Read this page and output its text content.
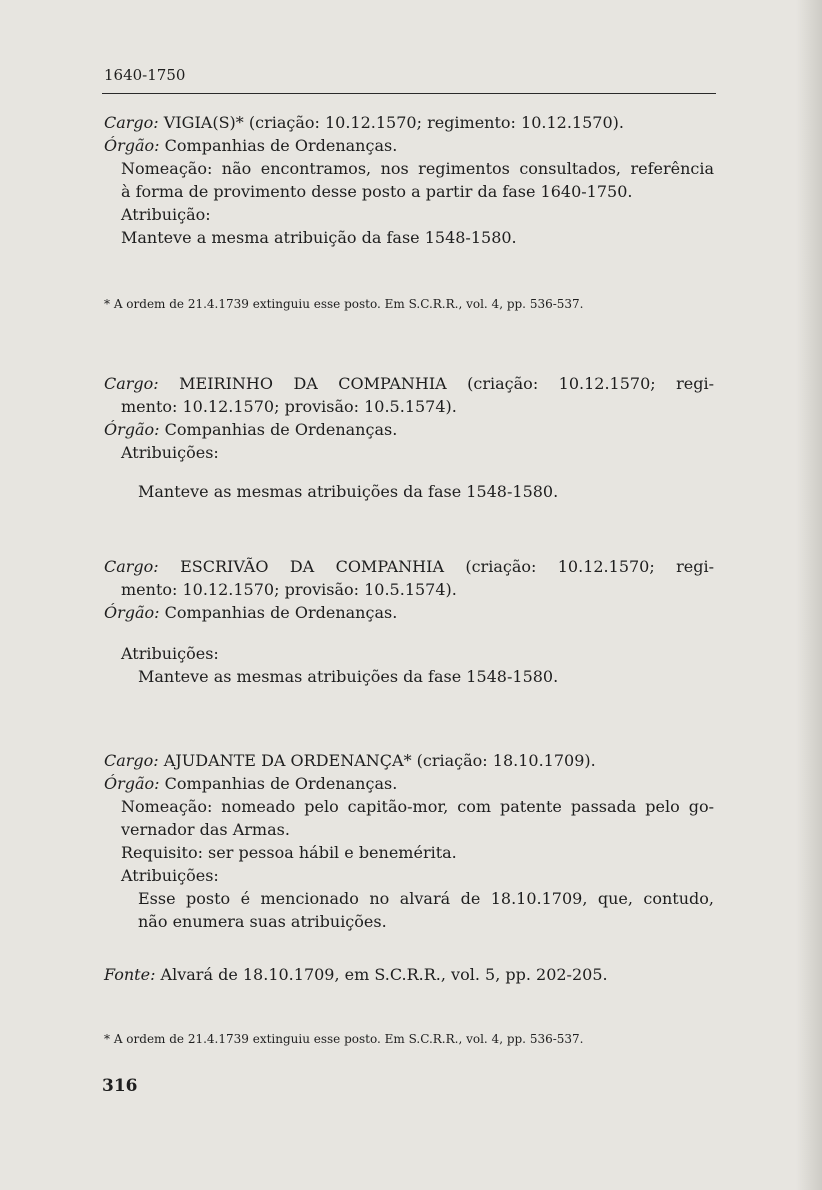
1640-1750
Cargo: VIGIA(S)* (criação: 10.12.1570; regimento: 10.12.1570).
Órgão: Companhias de Ordenanças.
Nomeação: não encontramos, nos regimentos consultados, referência
à forma de provimento desse posto a partir da fase 1640-1750.
Atribuição:
Manteve a mesma atribuição da fase 1548-1580.
* A ordem de 21.4.1739 extinguiu esse posto. Em S.C.R.R., vol. 4, pp. 536-537.
Cargo: MEIRINHO DA COMPANHIA (criação: 10.12.1570; regi-
mento: 10.12.1570; provisão: 10.5.1574).
Órgão: Companhias de Ordenanças.
Atribuições:
Manteve as mesmas atribuições da fase 1548-1580.
Cargo: ESCRIVÃO DA COMPANHIA (criação: 10.12.1570; regi-
mento: 10.12.1570; provisão: 10.5.1574).
Órgão: Companhias de Ordenanças.
Atribuições:
Manteve as mesmas atribuições da fase 1548-1580.
Cargo: AJUDANTE DA ORDENANÇA* (criação: 18.10.1709).
Órgão: Companhias de Ordenanças.
Nomeação: nomeado pelo capitão-mor, com patente passada pelo go-
vernador das Armas.
Requisito: ser pessoa hábil e benemérita.
Atribuições:
Esse posto é mencionado no alvará de 18.10.1709, que, contudo,
não enumera suas atribuições.
Fonte: Alvará de 18.10.1709, em S.C.R.R., vol. 5, pp. 202-205.
* A ordem de 21.4.1739 extinguiu esse posto. Em S.C.R.R., vol. 4, pp. 536-537.
316
